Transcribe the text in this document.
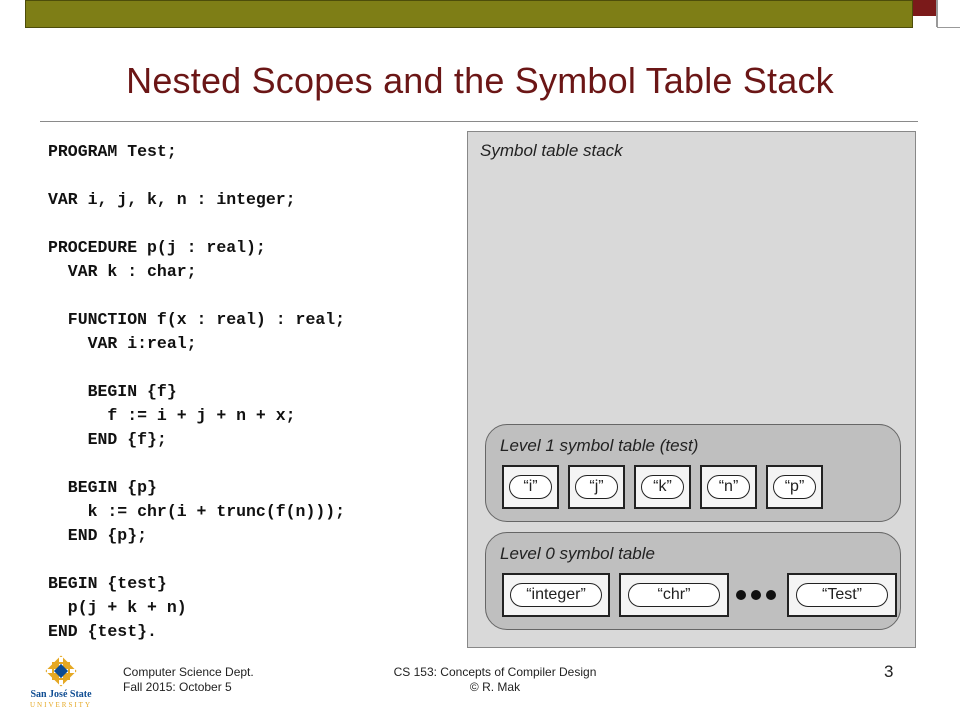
Nested Scopes and the Symbol Table Stack
PROGRAM Test;
VAR i, j, k, n : integer;
PROCEDURE p(j : real);
VAR k : char;
FUNCTION f(x : real) : real;
VAR i:real;
BEGIN {f}
f := i + j + n + x;
END {f};
BEGIN {p}
k := chr(i + trunc(f(n)));
END {p};
BEGIN {test}
p(j + k + n)
END {test}.
Symbol table stack
Level 1 symbol table (test)
“i”	“j”	“k”	“n”	“p”
Level 0 symbol table
“integer”	“chr”	“Test”
San José State
UNIVERSITY
Computer Science Dept.
Fall 2015: October 5
CS 153: Concepts of Compiler Design
© R. Mak
3
